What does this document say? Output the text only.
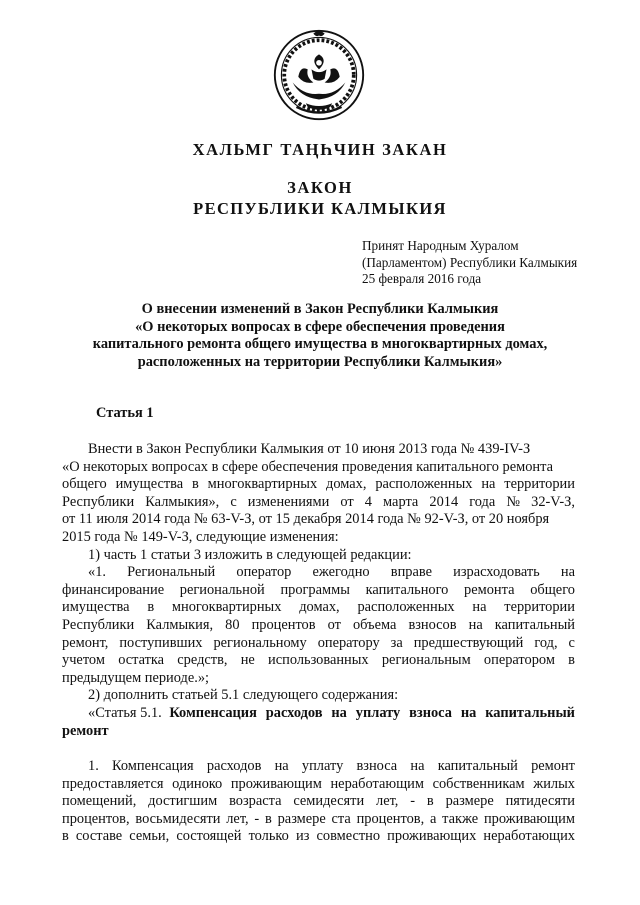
ХАЛЬМГ ТАҢҺЧИН ЗАКАН
ЗАКОН
РЕСПУБЛИКИ КАЛМЫКИЯ
Принят Народным Хуралом
(Парламентом) Республики Калмыкия
25 февраля 2016 года
О внесении изменений в Закон Республики Калмыкия
«О некоторых вопросах в сфере обеспечения проведения
капитального ремонта общего имущества в многоквартирных домах,
расположенных на территории Республики Калмыкия»
Статья 1
Внести в Закон Республики Калмыкия от 10 июня 2013 года № 439-IV-З
«О некоторых вопросах в сфере обеспечения проведения капитального ремонта
общего имущества в многоквартирных домах, расположенных на территории
Республики Калмыкия», с изменениями от 4 марта 2014 года № 32-V-З,
от 11 июля 2014 года № 63-V-З, от 15 декабря 2014 года № 92-V-З, от 20 ноября
2015 года № 149-V-З, следующие изменения:
1) часть 1 статьи 3 изложить в следующей редакции:
«1. Региональный оператор ежегодно вправе израсходовать на
финансирование региональной программы капитального ремонта общего
имущества в многоквартирных домах, расположенных на территории
Республики Калмыкия, 80 процентов от объема взносов на капитальный
ремонт, поступивших региональному оператору за предшествующий год, с
учетом остатка средств, не использованных региональным оператором в
предыдущем периоде.»;
2) дополнить статьей 5.1 следующего содержания:
«Статья 5.1. Компенсация расходов на уплату взноса на капитальный
ремонт
1. Компенсация расходов на уплату взноса на капитальный ремонт
предоставляется одиноко проживающим неработающим собственникам жилых
помещений, достигшим возраста семидесяти лет, - в размере пятидесяти
процентов, восьмидесяти лет, - в размере ста процентов, а также проживающим
в составе семьи, состоящей только из совместно проживающих неработающих
